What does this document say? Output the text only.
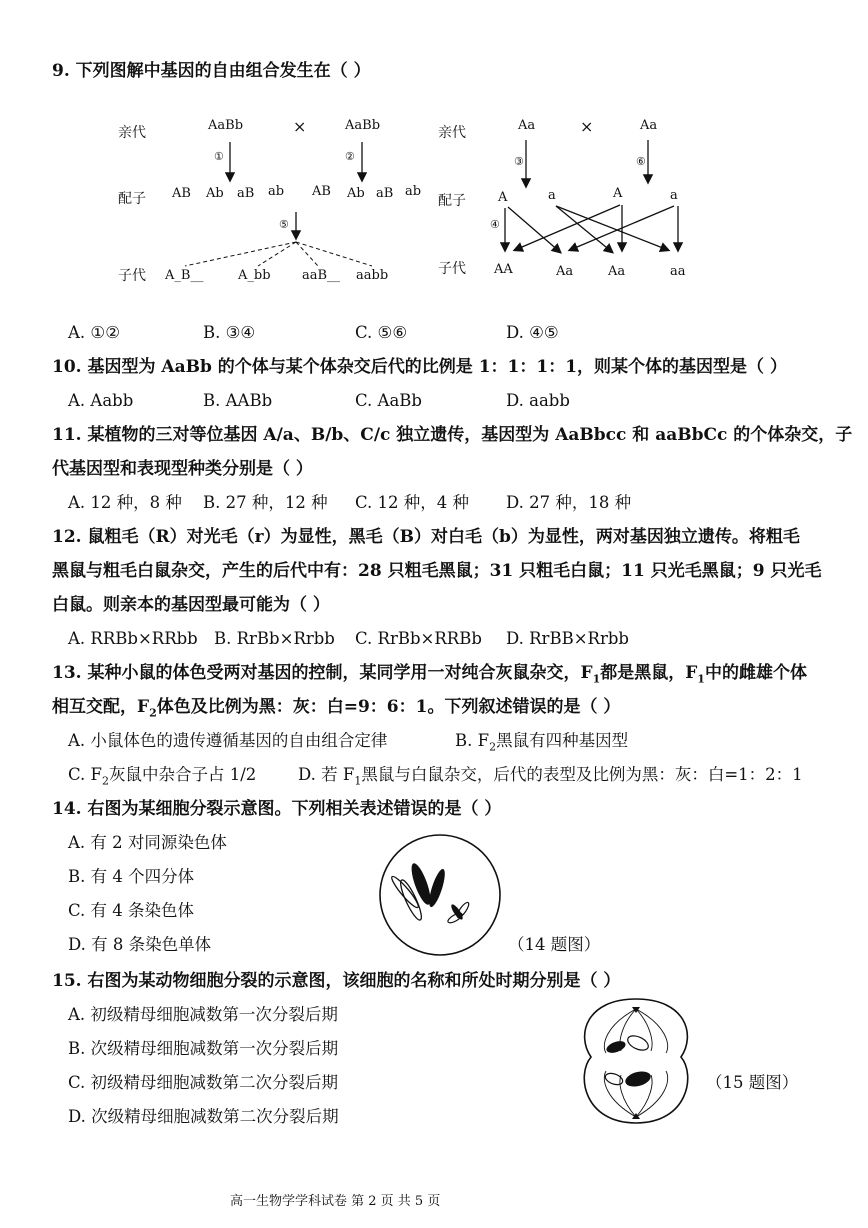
9. 下列图解中基因的自由组合发生在（ ）
亲代
配子
子代
AaBb	×	AaBb
①	②
⑤
AB Ab aB ab AB Ab aB ab
A_B__	A_bb aaB__ aabb
亲代
配子
子代
Aa	×	Aa
③	⑥
④
A	a	A	a
AA	Aa	Aa	aa
A. ①②	B. ③④	C. ⑤⑥	D. ④⑤
10. 基因型为 AaBb 的个体与某个体杂交后代的比例是 1：1：1：1，则某个体的基因型是（ ）
A. Aabb	B. AABb	C. AaBb	D. aabb
11. 某植物的三对等位基因 A/a、B/b、C/c 独立遗传，基因型为 AaBbcc 和 aaBbCc 的个体杂交，子
代基因型和表现型种类分别是（ ）
A. 12 种，8 种 B. 27 种，12 种 C. 12 种，4 种 D. 27 种，18 种
12. 鼠粗毛（R）对光毛（r）为显性，黑毛（B）对白毛（b）为显性，两对基因独立遗传。将粗毛
黑鼠与粗毛白鼠杂交，产生的后代中有：28 只粗毛黑鼠；31 只粗毛白鼠；11 只光毛黑鼠；9 只光毛
白鼠。则亲本的基因型最可能为（ ）
A. RRBb×RRbb B. RrBb×Rrbb C. RrBb×RRBb D. RrBB×Rrbb
13. 某种小鼠的体色受两对基因的控制，某同学用一对纯合灰鼠杂交，$F_1$都是黑鼠，$F_1$中的雌雄个体
相互交配，$F_2$体色及比例为黑：灰：白=9：6：1。下列叙述错误的是（ ）
A. 小鼠体色的遗传遵循基因的自由组合定律	B. $F_2$黑鼠有四种基因型
C. $F_2$灰鼠中杂合子占 1/2	D. 若 $F_1$黑鼠与白鼠杂交，后代的表型及比例为黑：灰：白=1：2：1
14. 右图为某细胞分裂示意图。下列相关表述错误的是（ ）
A. 有 2 对同源染色体
B. 有 4 个四分体
C. 有 4 条染色体
D. 有 8 条染色单体	（14 题图）
15. 右图为某动物细胞分裂的示意图，该细胞的名称和所处时期分别是（ ）
A. 初级精母细胞减数第一次分裂后期
B. 次级精母细胞减数第一次分裂后期
C. 初级精母细胞减数第二次分裂后期
D. 次级精母细胞减数第二次分裂后期
（15 题图）
高一生物学学科试卷 第 2 页 共 5 页
